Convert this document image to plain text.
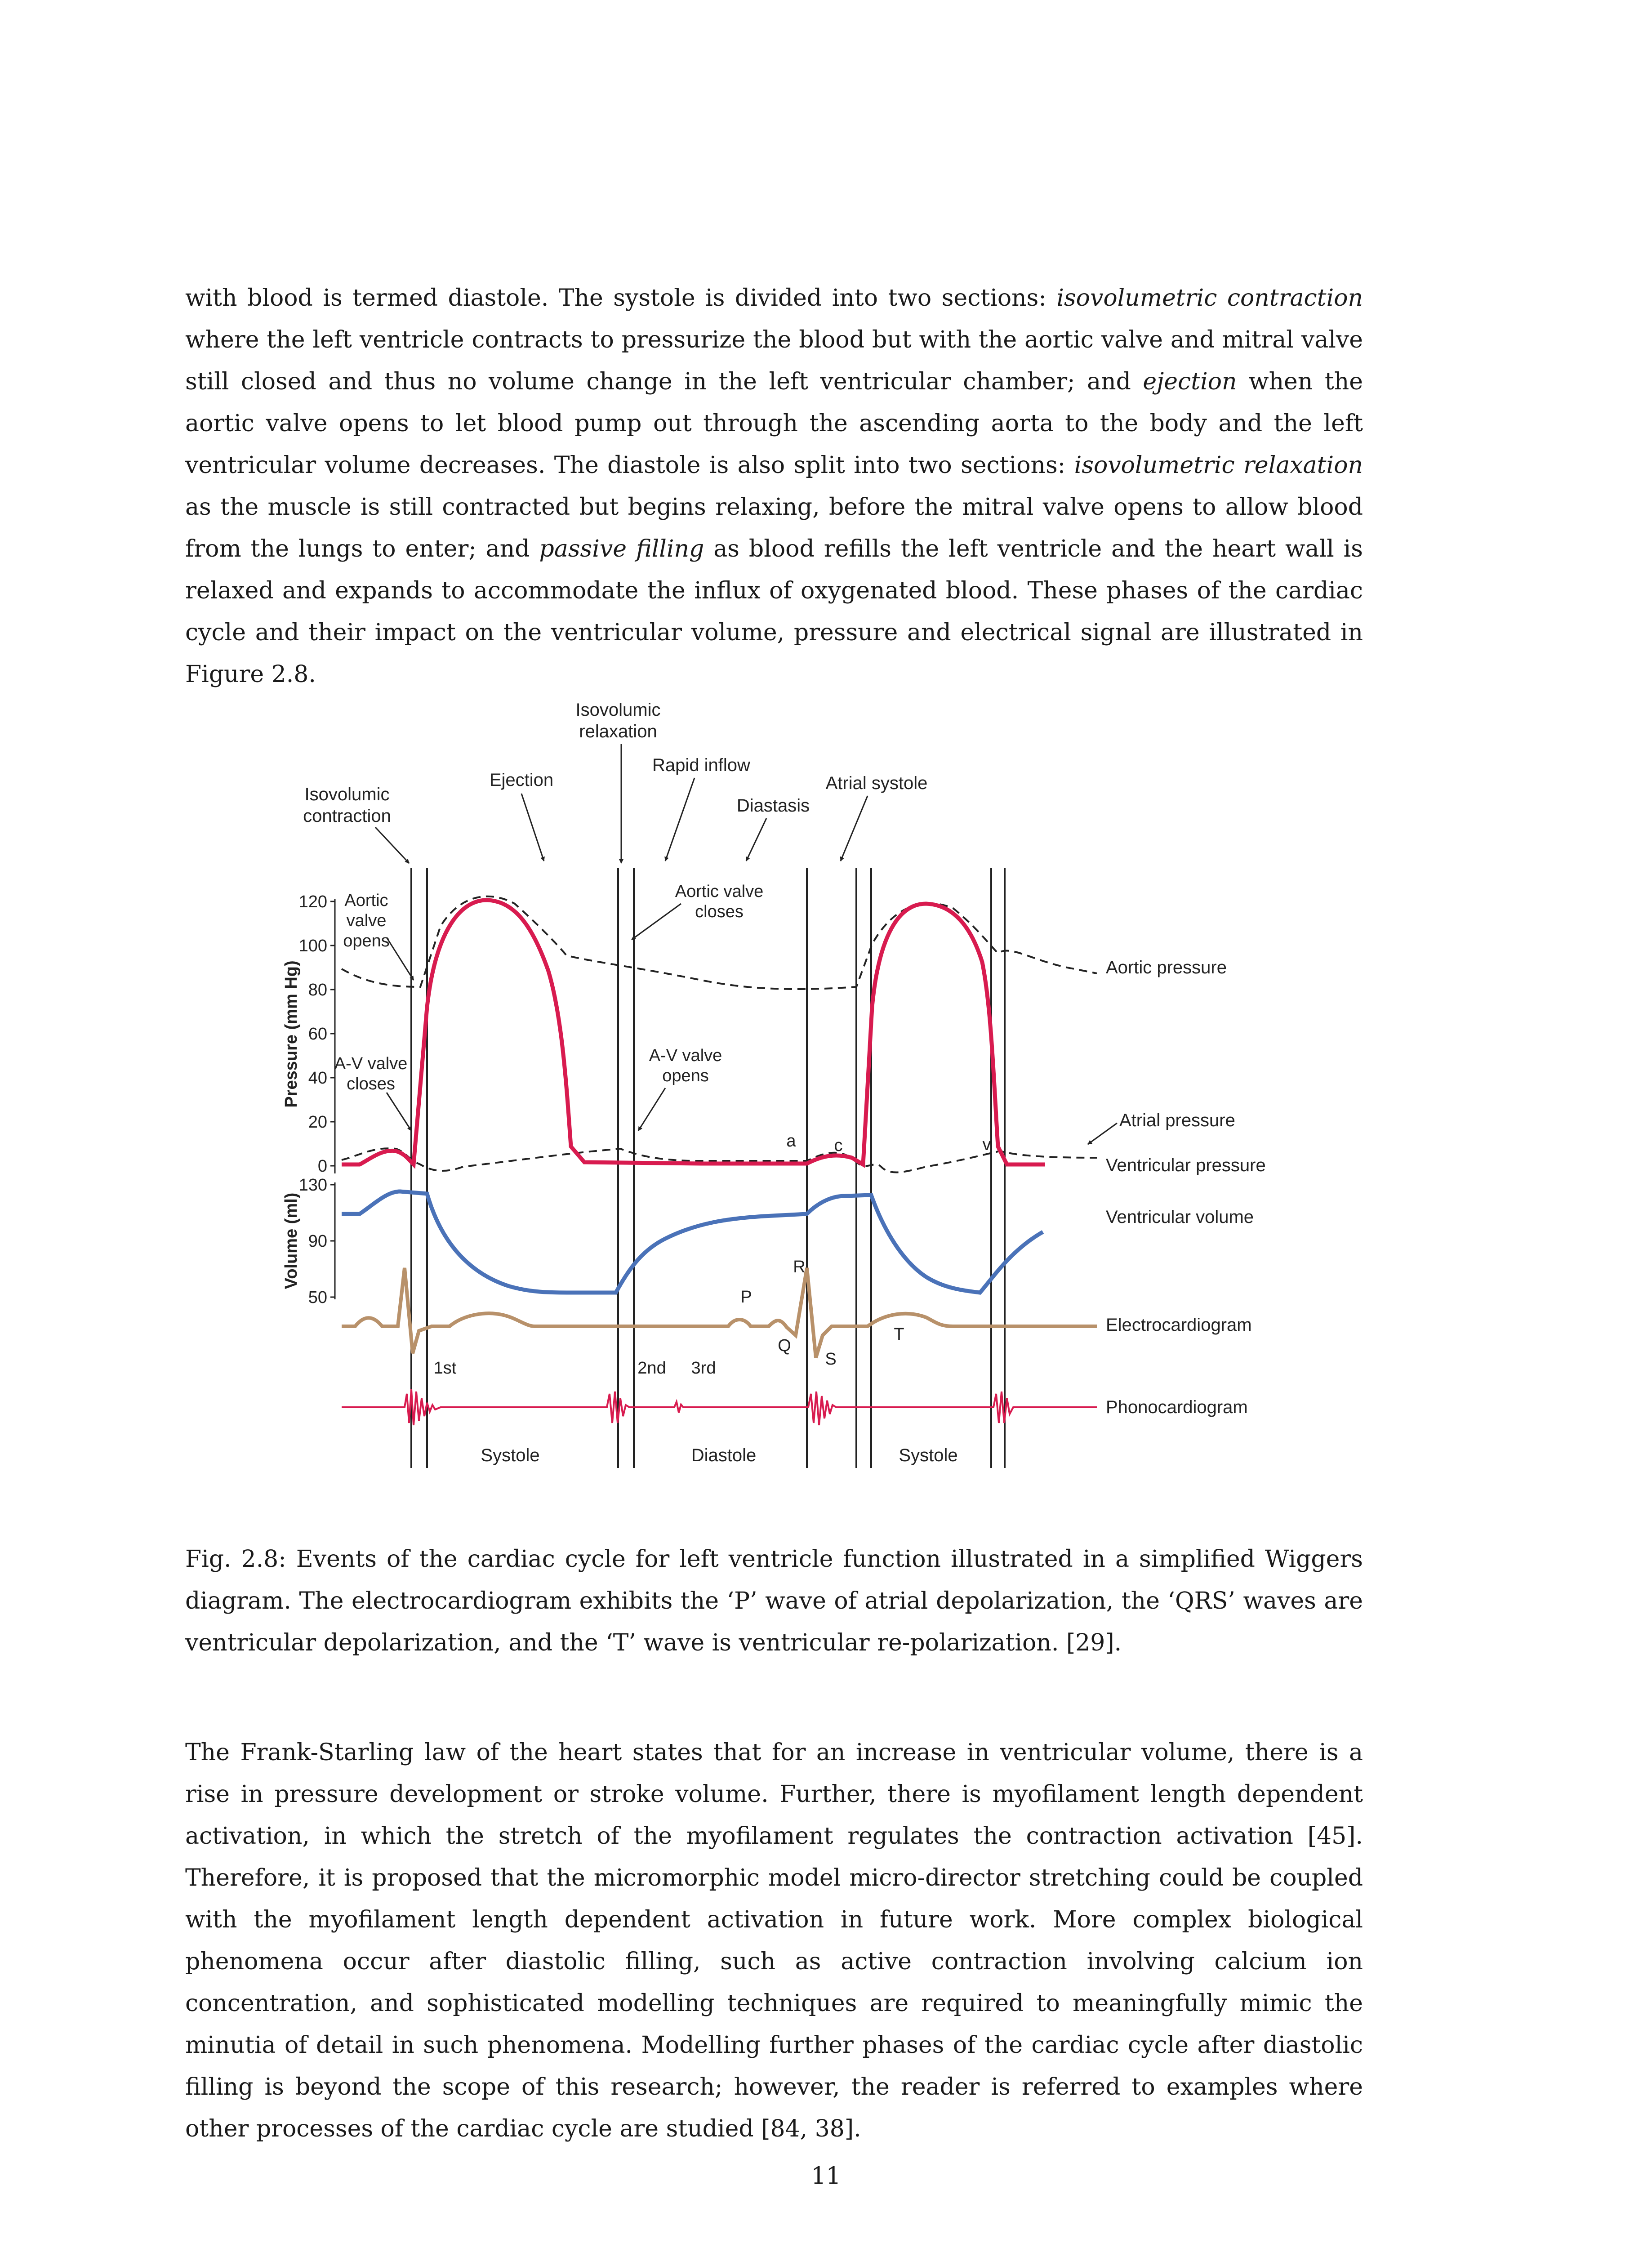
with blood is termed diastole. The systole is divided into two sections: isovolumetric contraction where the left ventricle contracts to pressurize the blood but with the aortic valve and mitral valve still closed and thus no volume change in the left ventricular chamber; and ejection when the aortic valve opens to let blood pump out through the ascending aorta to the body and the left ventricular volume decreases. The diastole is also split into two sections: isovolumetric relaxation as the muscle is still contracted but begins relaxing, before the mitral valve opens to allow blood from the lungs to enter; and passive filling as blood refills the left ventricle and the heart wall is relaxed and expands to accommodate the influx of oxygenated blood. These phases of the cardiac cycle and their impact on the ventricular volume, pressure and electrical signal are illustrated in Figure 2.8.

Isovolumic
contraction
Ejection
Isovolumic
relaxation
Rapid inflow
Diastasis
Atrial systole
120
100
80
60
40
20
0
Pressure (mm Hg)
130
90
50
Volume (ml)
Aortic
valve
opens
A-V valve
closes
Aortic valve
closes
A-V valve
opens
a c	v
P
Q
R
S
T
1st	2nd 3rd
Aortic pressure
Atrial pressure
Ventricular pressure
Ventricular volume
Electrocardiogram
Phonocardiogram
Systole	Diastole	Systole

Fig. 2.8: Events of the cardiac cycle for left ventricle function illustrated in a simplified Wiggers diagram. The electrocardiogram exhibits the ‘P’ wave of atrial depolarization, the ‘QRS’ waves are ventricular depolarization, and the ‘T’ wave is ventricular re-polarization. [29].

The Frank-Starling law of the heart states that for an increase in ventricular volume, there is a rise in pressure development or stroke volume. Further, there is myofilament length dependent activation, in which the stretch of the myofilament regulates the contraction activation [45]. Therefore, it is proposed that the micromorphic model micro-director stretching could be coupled with the myofilament length dependent activation in future work. More complex biological phenomena occur after diastolic filling, such as active contraction involving calcium ion concentration, and sophisticated modelling techniques are required to meaningfully mimic the minutia of detail in such phenomena. Modelling further phases of the cardiac cycle after diastolic filling is beyond the scope of this research; however, the reader is referred to examples where other processes of the cardiac cycle are studied [84, 38].

11
